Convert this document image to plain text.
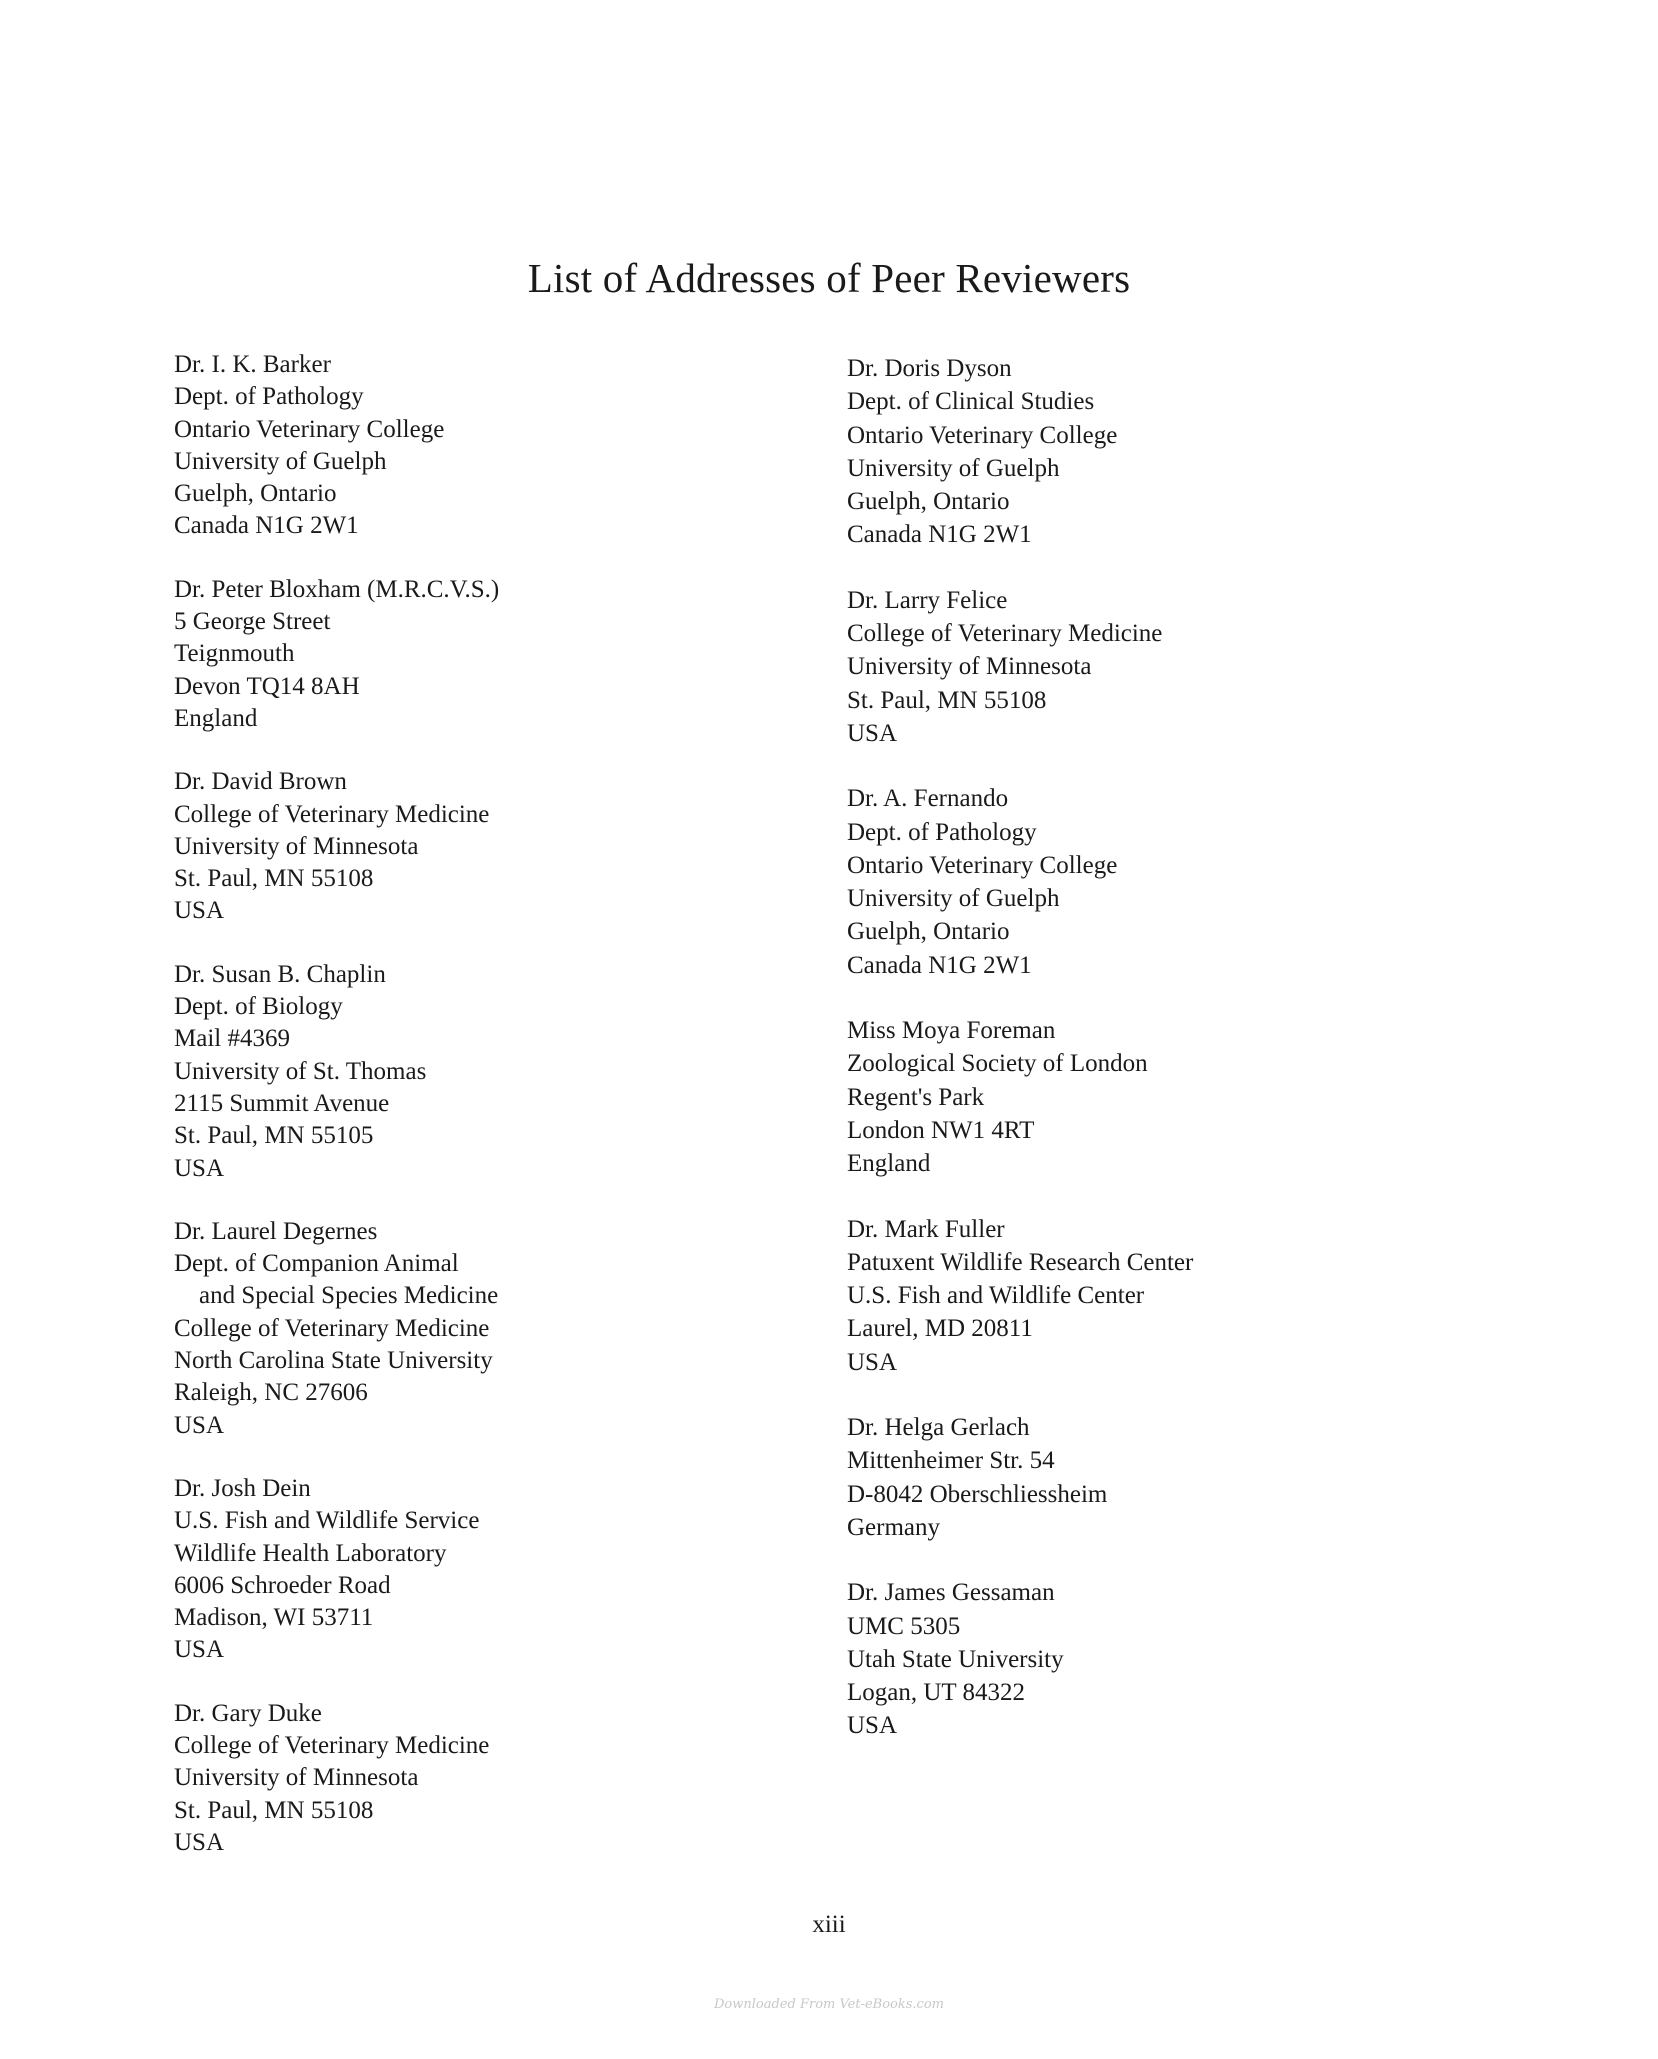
List of Addresses of Peer Reviewers
Dr. I. K. Barker
Dept. of Pathology
Ontario Veterinary College
University of Guelph
Guelph, Ontario
Canada N1G 2W1
Dr. Peter Bloxham (M.R.C.V.S.)
5 George Street
Teignmouth
Devon TQ14 8AH
England
Dr. David Brown
College of Veterinary Medicine
University of Minnesota
St. Paul, MN 55108
USA
Dr. Susan B. Chaplin
Dept. of Biology
Mail #4369
University of St. Thomas
2115 Summit Avenue
St. Paul, MN 55105
USA
Dr. Laurel Degernes
Dept. of Companion Animal
and Special Species Medicine
College of Veterinary Medicine
North Carolina State University
Raleigh, NC 27606
USA
Dr. Josh Dein
U.S. Fish and Wildlife Service
Wildlife Health Laboratory
6006 Schroeder Road
Madison, WI 53711
USA
Dr. Gary Duke
College of Veterinary Medicine
University of Minnesota
St. Paul, MN 55108
USA
Dr. Doris Dyson
Dept. of Clinical Studies
Ontario Veterinary College
University of Guelph
Guelph, Ontario
Canada N1G 2W1
Dr. Larry Felice
College of Veterinary Medicine
University of Minnesota
St. Paul, MN 55108
USA
Dr. A. Fernando
Dept. of Pathology
Ontario Veterinary College
University of Guelph
Guelph, Ontario
Canada N1G 2W1
Miss Moya Foreman
Zoological Society of London
Regent's Park
London NW1 4RT
England
Dr. Mark Fuller
Patuxent Wildlife Research Center
U.S. Fish and Wildlife Center
Laurel, MD 20811
USA
Dr. Helga Gerlach
Mittenheimer Str. 54
D-8042 Oberschliessheim
Germany
Dr. James Gessaman
UMC 5305
Utah State University
Logan, UT 84322
USA
xiii
Downloaded From Vet-eBooks.com
